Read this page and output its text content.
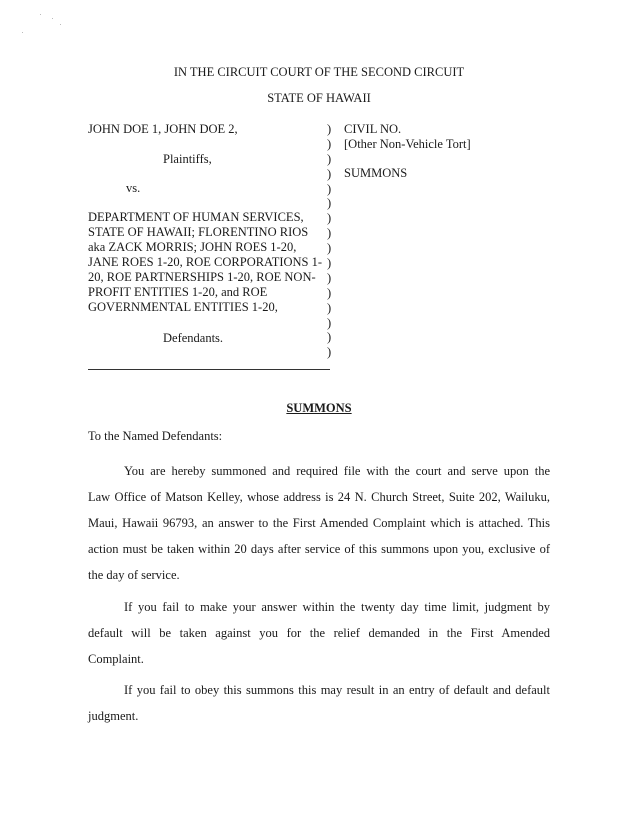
IN THE CIRCUIT COURT OF THE SECOND CIRCUIT
STATE OF HAWAII
JOHN DOE 1, JOHN DOE 2,
Plaintiffs,
vs.
DEPARTMENT OF HUMAN SERVICES,
STATE OF HAWAII; FLORENTINO RIOS
aka ZACK MORRIS; JOHN ROES 1-20,
JANE ROES 1-20, ROE CORPORATIONS 1-
20, ROE PARTNERSHIPS 1-20, ROE NON-
PROFIT ENTITIES 1-20, and ROE
GOVERNMENTAL ENTITIES 1-20,
Defendants.
)
)
)
)
)
)
)
)
)
)
)
)
)
)
)
)
CIVIL NO.
[Other Non-Vehicle Tort]
SUMMONS
SUMMONS
To the Named Defendants:
You are hereby summoned and required file with the court and serve upon the
Law Office of Matson Kelley, whose address is 24 N. Church Street, Suite 202, Wailuku,
Maui, Hawaii 96793, an answer to the First Amended Complaint which is attached. This
action must be taken within 20 days after service of this summons upon you, exclusive of
the day of service.
If you fail to make your answer within the twenty day time limit, judgment by
default will be taken against you for the relief demanded in the First Amended
Complaint.
If you fail to obey this summons this may result in an entry of default and default
judgment.
